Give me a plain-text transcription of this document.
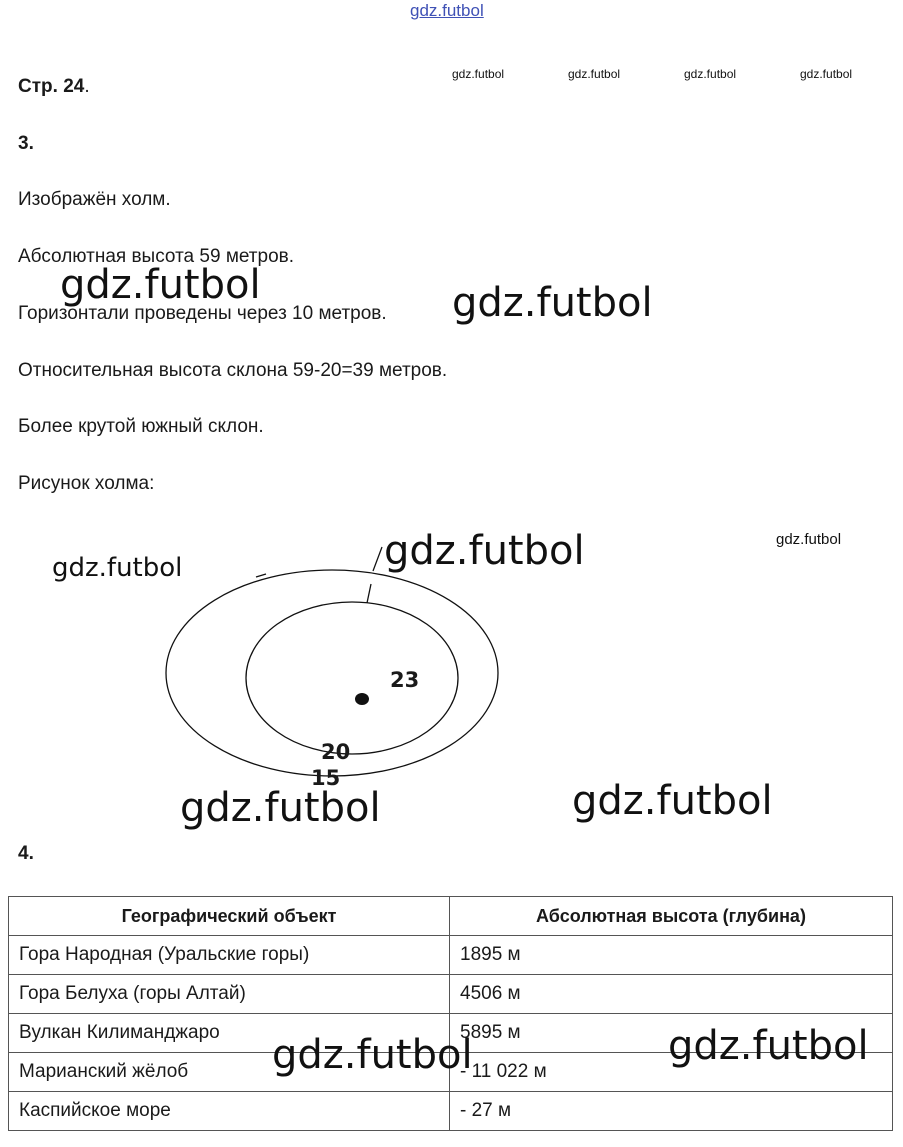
gdz.futbol
gdz.futbol	gdz.futbol	gdz.futbol	gdz.futbol
Стр. 24.
3.
Изображён холм.
Абсолютная высота 59 метров.
Горизонтали проведены через 10 метров.
Относительная высота склона 59-20=39 метров.
Более крутой южный склон.
Рисунок холма:
gdz.futbol	gdz.futbol
23
20
15
gdz.futbol
gdz.futbol
gdz.futbol
gdz.futbol	gdz.futbol
4.
Географический объект	Абсолютная высота (глубина)
Гора Народная (Уральские горы)	1895 м
Гора Белуха (горы Алтай)	4506 м
Вулкан Килиманджаро	5895 м
Марианский жёлоб	- 11 022 м
Каспийское море	- 27 м
gdz.futbol	gdz.futbol
